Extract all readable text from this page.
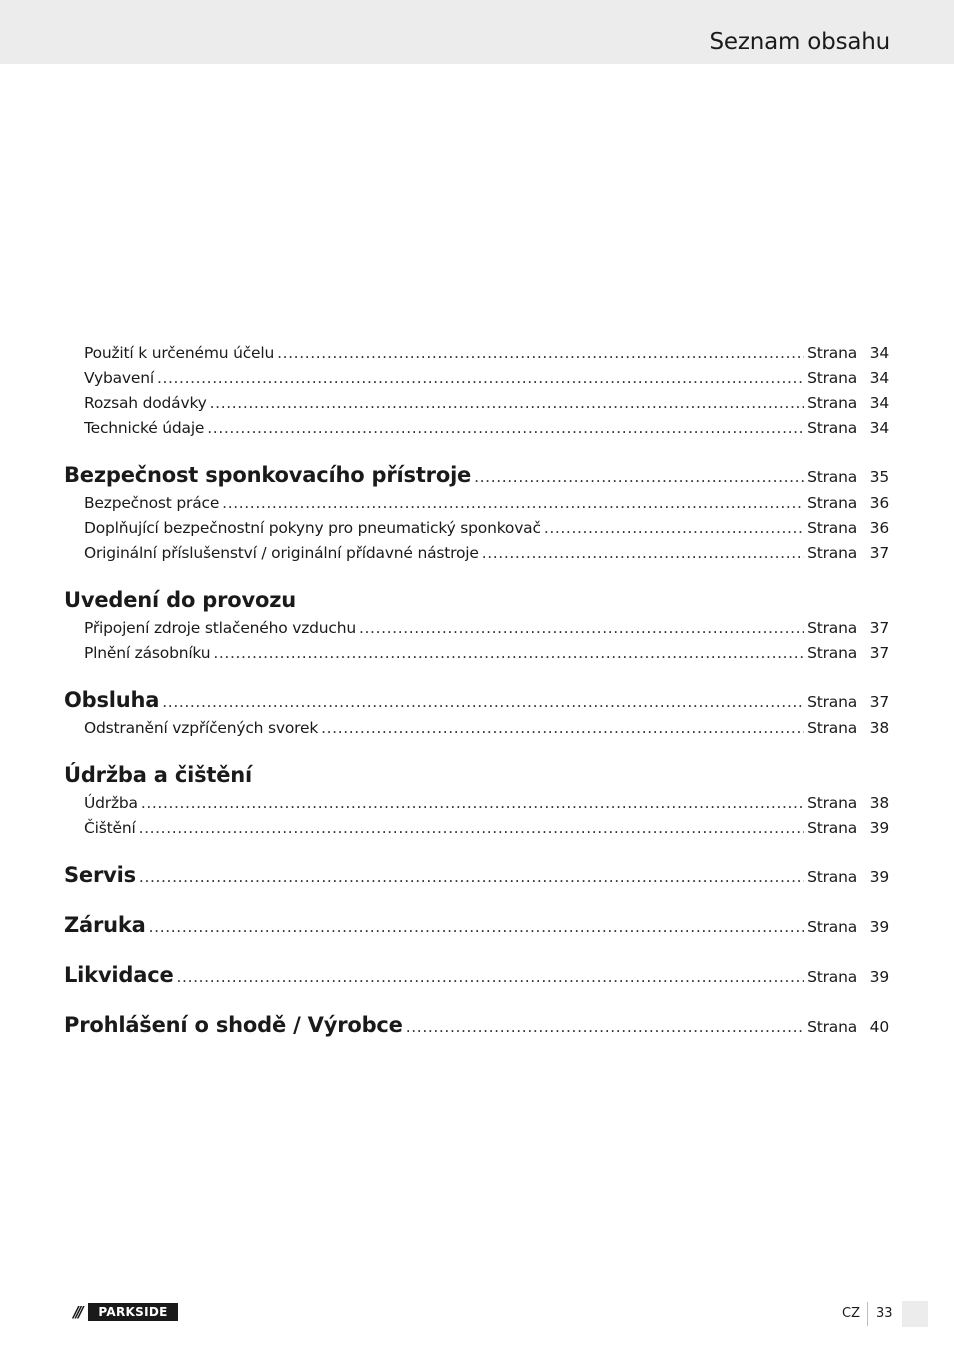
Seznam obsahu
Použití k určenému účelu .....	Strana 34
Vybavení .....	Strana 34
Rozsah dodávky .....	Strana 34
Technické údaje .....	Strana 34
Bezpečnost sponkovacího přístroje .....	Strana 35
Bezpečnost práce .....	Strana 36
Doplňující bezpečnostní pokyny pro pneumatický sponkovač .....	Strana 36
Originální příslušenství / originální přídavné nástroje .....	Strana 37
Uvedení do provozu
Připojení zdroje stlačeného vzduchu .....	Strana 37
Plnění zásobníku .....	Strana 37
Obsluha .....	Strana 37
Odstranění vzpříčených svorek .....	Strana 38
Údržba a čištění
Údržba .....	Strana 38
Čištění .....	Strana 39
Servis .....	Strana 39
Záruka .....	Strana 39
Likvidace .....	Strana 39
Prohlášení o shodě / Výrobce .....	Strana 40
///	PARKSIDE	CZ 33
